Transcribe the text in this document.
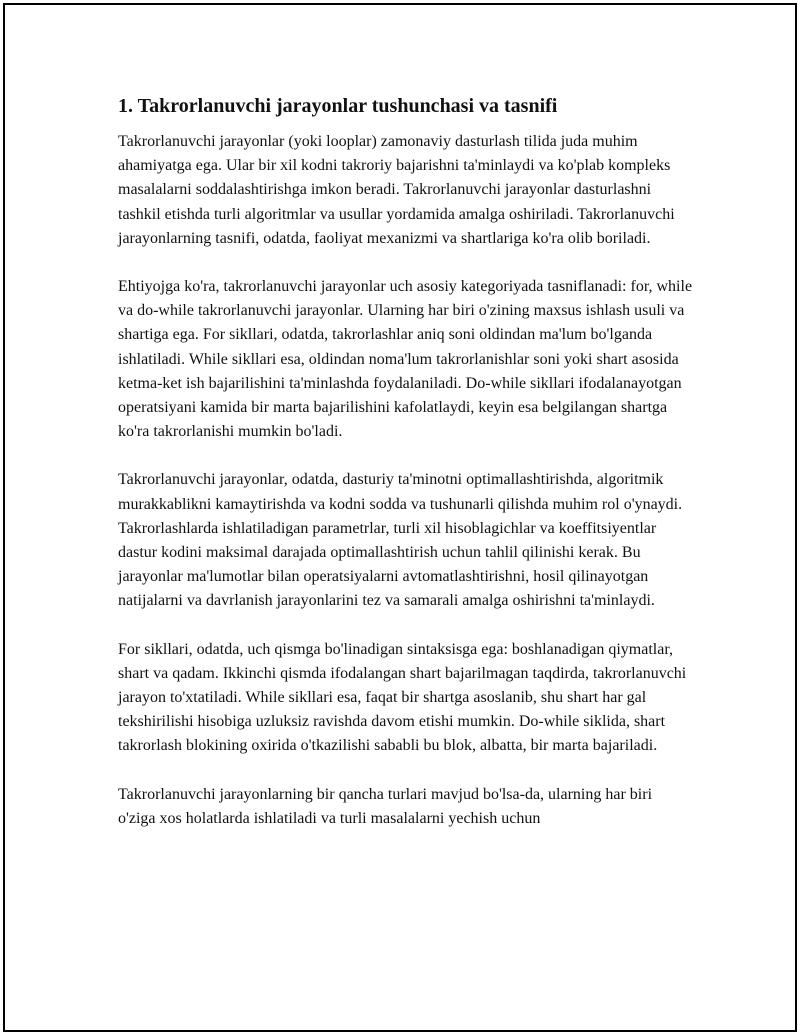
1. Takrorlanuvchi jarayonlar tushunchasi va tasnifi

Takrorlanuvchi jarayonlar (yoki looplar) zamonaviy dasturlash tilida juda muhim ahamiyatga ega. Ular bir xil kodni takroriy bajarishni ta'minlaydi va ko'plab kompleks masalalarni soddalashtirishga imkon beradi. Takrorlanuvchi jarayonlar dasturlashni tashkil etishda turli algoritmlar va usullar yordamida amalga oshiriladi. Takrorlanuvchi jarayonlarning tasnifi, odatda, faoliyat mexanizmi va shartlariga ko'ra olib boriladi.

Ehtiyojga ko'ra, takrorlanuvchi jarayonlar uch asosiy kategoriyada tasniflanadi: for, while va do-while takrorlanuvchi jarayonlar. Ularning har biri o'zining maxsus ishlash usuli va shartiga ega. For sikllari, odatda, takrorlashlar aniq soni oldindan ma'lum bo'lganda ishlatiladi. While sikllari esa, oldindan noma'lum takrorlanishlar soni yoki shart asosida ketma-ket ish bajarilishini ta'minlashda foydalaniladi. Do-while sikllari ifodalanayotgan operatsiyani kamida bir marta bajarilishini kafolatlaydi, keyin esa belgilangan shartga ko'ra takrorlanishi mumkin bo'ladi.

Takrorlanuvchi jarayonlar, odatda, dasturiy ta'minotni optimallashtirishda, algoritmik murakkablikni kamaytirishda va kodni sodda va tushunarli qilishda muhim rol o'ynaydi. Takrorlashlarda ishlatiladigan parametrlar, turli xil hisoblagichlar va koeffitsiyentlar dastur kodini maksimal darajada optimallashtirish uchun tahlil qilinishi kerak. Bu jarayonlar ma'lumotlar bilan operatsiyalarni avtomatlashtirishni, hosil qilinayotgan natijalarni va davrlanish jarayonlarini tez va samarali amalga oshirishni ta'minlaydi.

For sikllari, odatda, uch qismga bo'linadigan sintaksisga ega: boshlanadigan qiymatlar, shart va qadam. Ikkinchi qismda ifodalangan shart bajarilmagan taqdirda, takrorlanuvchi jarayon to'xtatiladi. While sikllari esa, faqat bir shartga asoslanib, shu shart har gal tekshirilishi hisobiga uzluksiz ravishda davom etishi mumkin. Do-while siklida, shart takrorlash blokining oxirida o'tkazilishi sababli bu blok, albatta, bir marta bajariladi.

Takrorlanuvchi jarayonlarning bir qancha turlari mavjud bo'lsa-da, ularning har biri o'ziga xos holatlarda ishlatiladi va turli masalalarni yechish uchun
